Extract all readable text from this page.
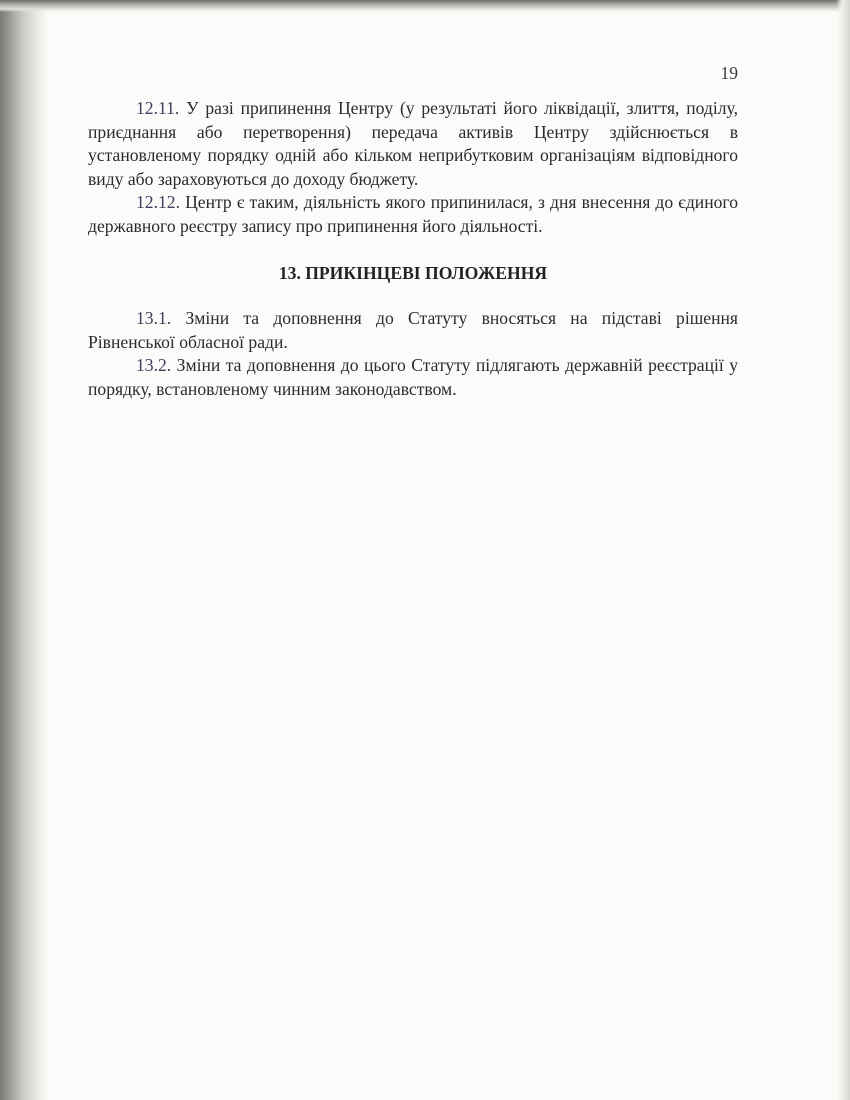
19

12.11. У разі припинення Центру (у результаті його ліквідації, злиття, поділу, приєднання або перетворення) передача активів Центру здійснюється в установленому порядку одній або кільком неприбутковим організаціям відповідного виду або зараховуються до доходу бюджету.

12.12. Центр є таким, діяльність якого припинилася, з дня внесення до єдиного державного реєстру запису про припинення його діяльності.

13. ПРИКІНЦЕВІ ПОЛОЖЕННЯ

13.1. Зміни та доповнення до Статуту вносяться на підставі рішення Рівненської обласної ради.

13.2. Зміни та доповнення до цього Статуту підлягають державній реєстрації у порядку, встановленому чинним законодавством.
